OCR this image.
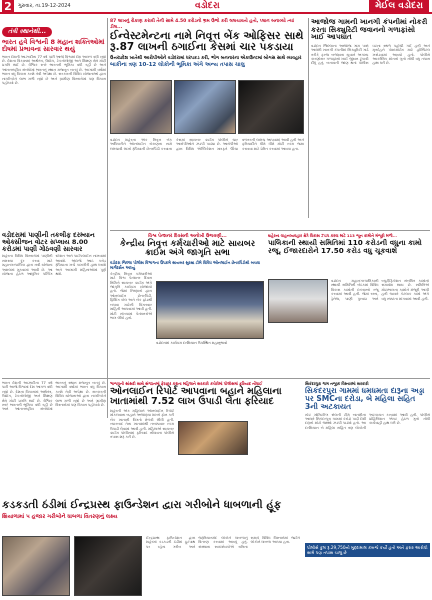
2	ગુરુવાર, તા.19-12-2024	વડોદરા	મેઈલ વડોદરા
તંત્રી સ્થાનેથી...
ભારત હવે વિશ્વની 8 મહાન શક્તિઓમાં દોષમાં પ્રભાવના સારવાર થયું
ભારત દેશની આઝાદીના 77 વર્ષ પછી આજે વિશ્વમાં દેશ આગળ વધી રહ્યો છે. દેશના વિકાસમાં અર્થતંત્ર, ઉદ્યોગ, ટેકનોલોજી અને શિક્ષણ ક્ષેત્રે મોટી પ્રગતિ થઈ છે. વૈશ્વિક સ્તરે ભારતની ભૂમિકા વધી રહી છે અને આંતરરાષ્ટ્રીય સંબંધોમાં ભારતનું સ્થાન મજબૂત બન્યું છે. આગામી વર્ષોમાં ભારત વધુ વિકાસ કરશે તેવી અપેક્ષા છે. સરકારની વિવિધ યોજનાઓ દ્વારા નાગરિકોને લાભ મળી રહ્યો છે અને ગ્રામીણ વિસ્તારોમાં પણ વિકાસ પહોંચ્યો છે.
87 લાખનું રોકાણ કરાવી તેની સામે 4.50 કરોડનો ભ્રમ ઉભો કરી લલચાવતો હતો, પ્લાન બનાવ્યો ત્યાં ડીલ...
ઈન્વેસ્ટમેન્ટના નામે નિવૃત્ત બેંક ઓફિસર સાથે રૂ.87 લાખની ઠગાઈના કેસમાં ચાર પકડાયા
ઉત્તરપ્રદેશ ખાતેથી આરોપીઓને વડોદરામાં ધરપકડ કરી, ભોગ બનનારના એકાઉન્ટમાં બોગસ સાથે વ્યવહાર
બાકીના ત્રણ 10-12 લોકોની ભૂમિકા અંગે અન્ય તપાસ ચાલુ
વડોદરા શહેરના એક નિવૃત્ત બેંક અધિકારીને ઓનલાઈન રોકાણના નામે લલચાવી લાખો રૂપિયાની છેતરપિંડી કરવાના કેસમાં સાયબર ક્રાઈમ પોલીસે ચાર આરોપીઓને ઝડપી પાડ્યા છે. આરોપીઓ દ્વારા વિવિધ એપ્લિકેશન મારફતે ઊંચા વળતરની લાલચ આપવામાં આવી હતી અને ફરિયાદીને ધીમે ધીમે મોટી રકમ જમા કરાવવા માટે પ્રેરિત કરવામાં આવ્યા હતા.
આજોજ ગામની ખાનગી કંપનીમાં નોકરી કરતા સિક્યુરિટી જવાનનો ગળાફાંસો ખાઈ આપઘાત
વડોદરા જિલ્લાના આજોજ ગામ પાસે આવેલી ખાનગી કંપનીમાં સિક્યુરિટી ગાર્ડ તરીકે ફરજ બજાવતા યુવાને અગમ્ય કારણોસર ગળાફાંસો ખાઈ જીવન ટૂંકાવી દીધું હતું. બનાવની જાણ થતાં પોલીસ ઘટના સ્થળે પહોંચી ગઈ હતી અને મૃતદેહને પોસ્ટમોર્ટમ માટે હોસ્પિટલ ખસેડવામાં આવ્યો હતો. પોલીસે આકસ્મિક મોતનો ગુનો નોંધી વધુ તપાસ હાથ ધરી છે.
વિશ્વ પેન્શનર દિવસની અનોખી ઉજવણી...
કેન્દ્રીય નિવૃત્ત કર્મચારીઓ માટે સાયબર ક્રાઈમ અંગે જાગૃતિ સભા
વડોદરા જિલ્લા પોલીસ વિભાગના ઉપક્રમે સાયબર સુરક્ષા ટીમે વિવિધ ઓનલાઈન છેતરપિંડીથી બચવા માર્ગદર્શન આપ્યું
કેન્દ્રીય નિવૃત્ત કર્મચારીઓ માટે વિશ્વ પેન્શનર દિવસ નિમિત્તે સાયબર ક્રાઈમ અંગે જાગૃતિ કાર્યક્રમ યોજાયો હતો. જેમાં નિષ્ણાતો દ્વારા ઓનલાઈન છેતરપિંડી, ફિશિંગ કોલ અને બેંક ફ્રોડથી બચવા માટેની વિગતવાર માહિતી આપવામાં આવી હતી. મોટી સંખ્યામાં પેન્શનરોએ ભાગ લીધો હતો.
વડોદરામાં કાર્યક્રમ દરમિયાન ઉપસ્થિત મહાનુભાવો
વડોદરામાં પાણીની તકલીફ દરમ્યાન ઓક્સીજન વોટર સપ્લાય 8.00 કરોડમાં પાણી ગોઠવણી સારવાર
શહેરના વિવિધ વિસ્તારોમાં પાણીની સમસ્યા દૂર કરવા માટે મહાનગરપાલિકા દ્વારા નવી યોજના અમલમાં મૂકવામાં આવી છે. આ યોજના હેઠળ આધુનિક પમ્પિંગ સ્ટેશન અને પાઈપલાઈન નાખવામાં આવશે. અંદાજે આઠ કરોડ રૂપિયાના ખર્ચે કામગીરી હાથ ધરાશે અને આગામી મહિનાઓમાં પૂર્ણ થશે.
શહેરના વાહનવ્યવહાર ક્ષેત્રે વિકાસ ઝડપ કરવા માટે 113 જૂન કામોને મંજૂરી મળી...
પાલિકાની સ્થાયી સમિતિમાં 110 કરોડની વધુના કામો રજૂ, ઈજારદારોને 17.50 કરોડ વધુ ચૂકવાશે
વડોદરા મહાનગરપાલિકાની સ્થાયી સમિતિની બેઠકમાં વિવિધ વિકાસ કામોની દરખાસ્તો રજૂ કરવામાં આવી હતી. જેમાં રસ્તા, ડ્રેનેજ, પાણી પુરવઠા અને બ્યુટીફિકેશન સંબંધિત કામોનો સમાવેશ થાય છે. સમિતિએ મોટાભાગના કામોને મંજૂરી આપી હતી જ્યારે કેટલાક કામો અંગે વધુ સ્પષ્ટતા માંગવામાં આવી હતી.
ભાજપની સાંસદી સાથે સંગઠનમાં ફેરફાર કરાતા મહિલાને સરકારી કચેરીમાં પોલીસમાં ફરિયાદ નોંધાઈ
ઓનલાઈન રિપોર્ટ આપવાના બહાને મહિલાના ખાતામાંથી 7.52 લાખ ઉપાડી લેતા ફરિયાદ
શહેરની એક મહિલાને ઓનલાઈન રિપોર્ટ મોકલવાના બહાને અજાણ્યા શખ્સે ફોન કરી બેંક ખાતાની વિગતો મેળવી લીધી હતી. ત્યારબાદ તેના ખાતામાંથી તબક્કાવાર રકમ ઉપાડી લેવામાં આવી હતી. મહિલાએ સાયબર ક્રાઈમ પોલીસમાં ફરિયાદ નોંધાવતા પોલીસે તપાસ શરૂ કરી છે.
સિકંદરપુરા ગામ નજીક વિસ્તારમાં સરકારી
સિકંદરપુરા ગામમાં ધમધમતા દારૂના અડ્ડા પર SMCના દરોડા, બે મહિલા સહિત 3ની અટકાયત
સ્ટેટ મોનિટરિંગ સેલની ટીમે બાતમીના આધારે સિકંદરપુરા ગામમાં દરોડો પાડી દેશી દારૂનો મોટો જથ્થો ઝડપી પાડ્યો હતો. આ દરમિયાન બે મહિલા સહિત ત્રણ લોકોની અટકાયત કરવામાં આવી હતી. પોલીસે પ્રોહિબિશન એક્ટ હેઠળ ગુનો નોંધી કાર્યવાહી હાથ ધરી છે.
પોલીસે કુલ રૂ.29,750નો મુદ્દામાલ કબજે કર્યો હતો અને ફરાર આરોપી સામે પણ તપાસ ચાલુ છે
ભારત દેશની આઝાદીના 77 વર્ષ પછી આજે વિશ્વમાં દેશ આગળ વધી રહ્યો છે. દેશના વિકાસમાં અર્થતંત્ર, ઉદ્યોગ, ટેકનોલોજી અને શિક્ષણ ક્ષેત્રે મોટી પ્રગતિ થઈ છે. વૈશ્વિક સ્તરે ભારતની ભૂમિકા વધી રહી છે અને આંતરરાષ્ટ્રીય સંબંધોમાં ભારતનું સ્થાન મજબૂત બન્યું છે. આગામી વર્ષોમાં ભારત વધુ વિકાસ કરશે તેવી અપેક્ષા છે. સરકારની વિવિધ યોજનાઓ દ્વારા નાગરિકોને લાભ મળી રહ્યો છે અને ગ્રામીણ વિસ્તારોમાં પણ વિકાસ પહોંચ્યો છે.
કડકડતી ઠંડીમાં ઈન્દ્રપ્રસ્થ ફાઉન્ડેશન દ્વારા ગરીબોને ધાબળાની હૂંફ
શિયાળામાં ૫ હજાર ગરીબોને ધાબળા વિતરણનું લક્ષ્ય
ઈન્દ્રપ્રસ્થ ફાઉન્ડેશન દ્વારા શહેરમાં કડકડતી ઠંડીમાં ફૂટપાથ પર રહેતા ગરીબ અને જરૂરિયાતમંદ લોકોને ધાબળાનું વિતરણ કરવામાં આવ્યું હતું. સંસ્થાના સ્વયંસેવકોએ રાત્રિના સમયે વિવિધ વિસ્તારોમાં જઈને લોકોને ધાબળા આપ્યા હતા.
